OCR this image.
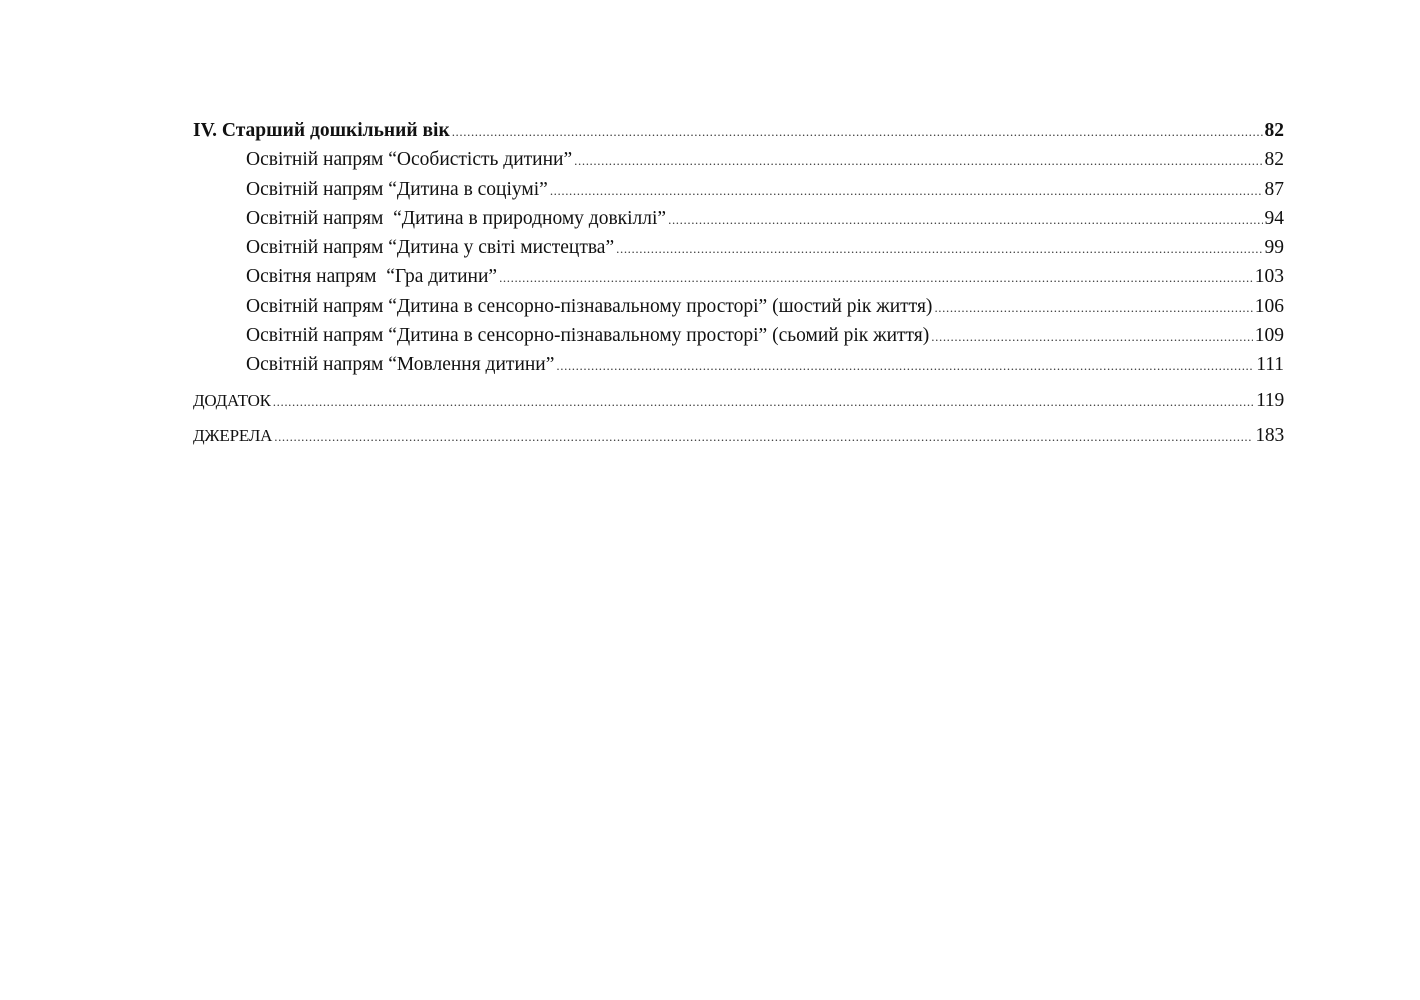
IV. Старший дошкільний вік .....	82
Освітній напрям “Особистість дитини” .....	82
Освітній напрям “Дитина в соціумі” .....	87
Освітній напрям  “Дитина в природному довкіллі” .....	94
Освітній напрям “Дитина у світі мистецтва” .....	99
Освітня напрям  “Гра дитини” .....	103
Освітній напрям “Дитина в сенсорно-пізнавальному просторі” (шостий рік життя) .....	106
Освітній напрям “Дитина в сенсорно-пізнавальному просторі” (сьомий рік життя) .....	109
Освітній напрям “Мовлення дитини” .....	111
ДОДАТОК .....	119
ДЖЕРЕЛА .....	183
